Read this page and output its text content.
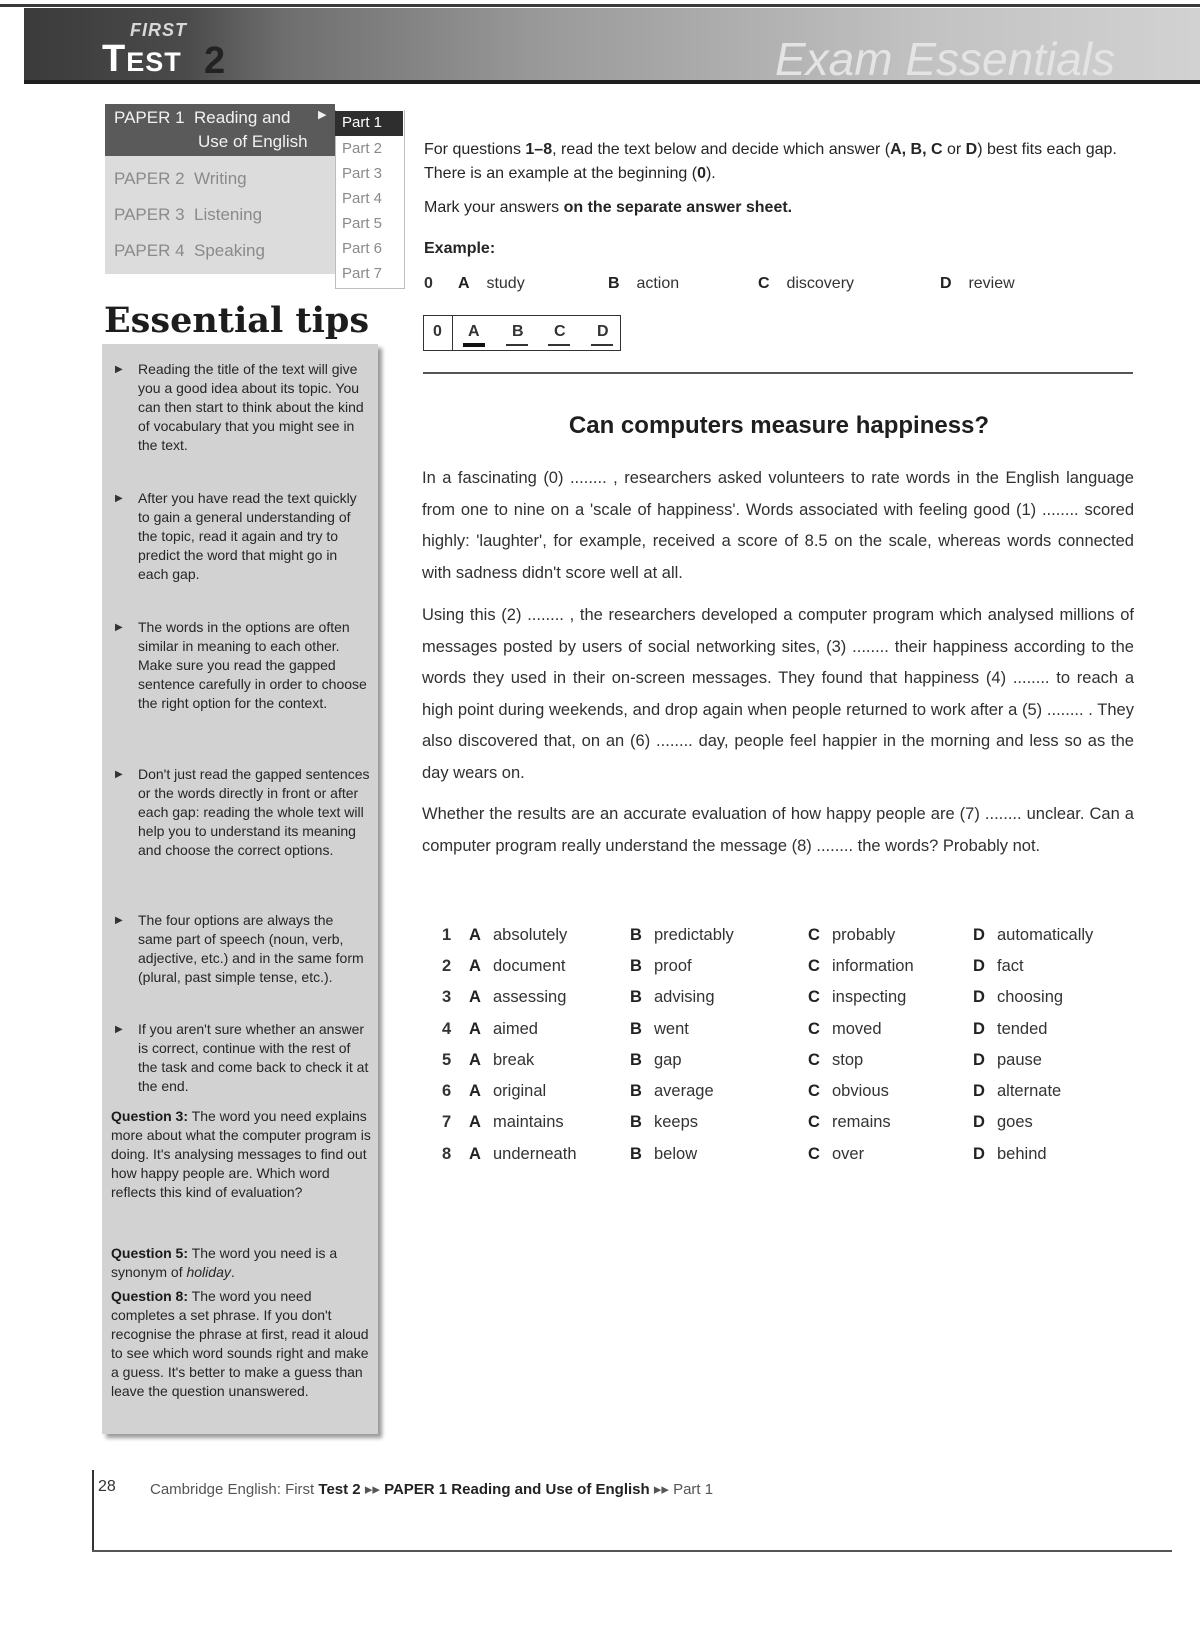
FIRST
Test 2	Exam Essentials
PAPER 1 Reading and
Use of English
▶
PAPER 2 Writing
PAPER 3 Listening
PAPER 4 Speaking
Part 1
Part 2
Part 3
Part 4
Part 5
Part 6
Part 7
Essential tips
▶ Reading the title of the text will give you a good idea about its topic. You can then start to think about the kind of vocabulary that you might see in the text.
▶ After you have read the text quickly to gain a general understanding of the topic, read it again and try to predict the word that might go in each gap.
▶ The words in the options are often similar in meaning to each other. Make sure you read the gapped sentence carefully in order to choose the right option for the context.
▶ Don't just read the gapped sentences or the words directly in front or after each gap: reading the whole text will help you to understand its meaning and choose the correct options.
▶ The four options are always the same part of speech (noun, verb, adjective, etc.) and in the same form (plural, past simple tense, etc.).
▶ If you aren't sure whether an answer is correct, continue with the rest of the task and come back to check it at the end.
Question 3: The word you need explains more about what the computer program is doing. It's analysing messages to find out how happy people are. Which word reflects this kind of evaluation?
Question 5: The word you need is a synonym of holiday.
Question 8: The word you need completes a set phrase. If you don't recognise the phrase at first, read it aloud to see which word sounds right and make a guess. It's better to make a guess than leave the question unanswered.
For questions 1–8, read the text below and decide which answer (A, B, C or D) best fits each gap. There is an example at the beginning (0).
Mark your answers on the separate answer sheet.
Example:
0 A study	B action	C discovery	D review
0 A B C D
Can computers measure happiness?
In a fascinating (0) ........ , researchers asked volunteers to rate words in the English language from one to nine on a 'scale of happiness'. Words associated with feeling good (1) ........ scored highly: 'laughter', for example, received a score of 8.5 on the scale, whereas words connected with sadness didn't score well at all.
Using this (2) ........ , the researchers developed a computer program which analysed millions of messages posted by users of social networking sites, (3) ........ their happiness according to the words they used in their on-screen messages. They found that happiness (4) ........ to reach a high point during weekends, and drop again when people returned to work after a (5) ........ . They also discovered that, on an (6) ........ day, people feel happier in the morning and less so as the day wears on.
Whether the results are an accurate evaluation of how happy people are (7) ........ unclear. Can a computer program really understand the message (8) ........ the words? Probably not.
1 A absolutely	B predictably	C probably	D automatically
2 A document	B proof	C information	D fact
3 A assessing	B advising	C inspecting	D choosing
4 A aimed	B went	C moved	D tended
5 A break	B gap	C stop	D pause
6 A original	B average	C obvious	D alternate
7 A maintains	B keeps	C remains	D goes
8 A underneath	B below	C over	D behind
28 Cambridge English: First Test 2 ▸▸ PAPER 1 Reading and Use of English ▸▸ Part 1
